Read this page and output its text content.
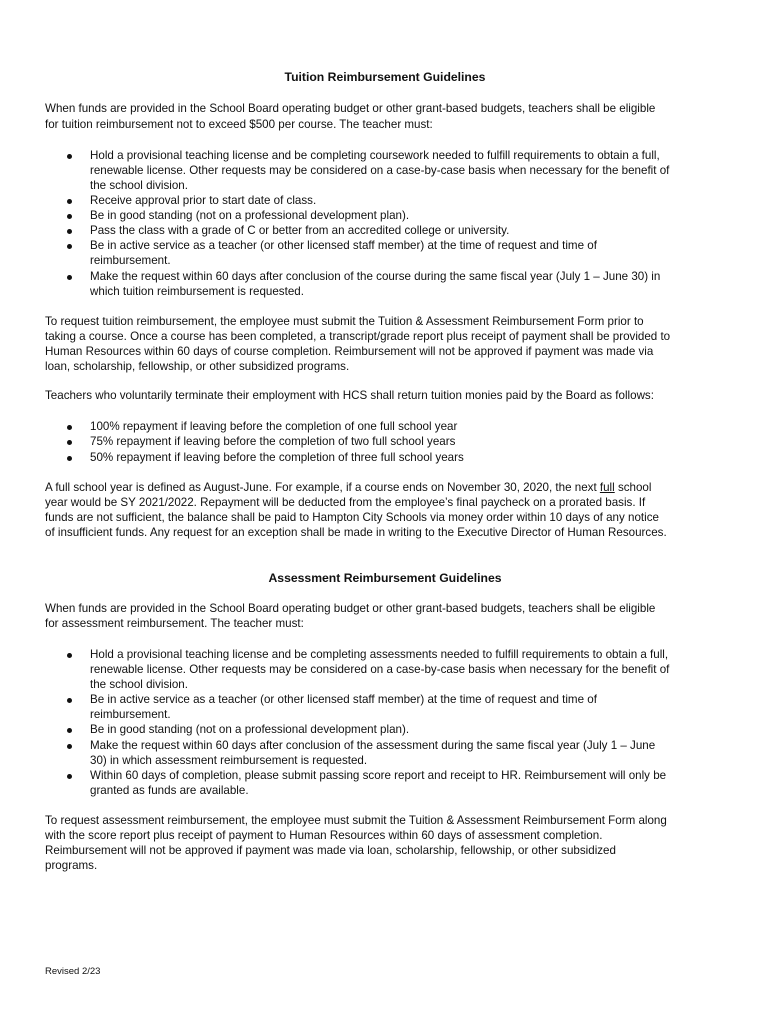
Tuition Reimbursement Guidelines
When funds are provided in the School Board operating budget or other grant-based budgets, teachers shall be eligible
for tuition reimbursement not to exceed $500 per course. The teacher must:
Hold a provisional teaching license and be completing coursework needed to fulfill requirements to obtain a full,
renewable license. Other requests may be considered on a case-by-case basis when necessary for the benefit of
the school division.
Receive approval prior to start date of class.
Be in good standing (not on a professional development plan).
Pass the class with a grade of C or better from an accredited college or university.
Be in active service as a teacher (or other licensed staff member) at the time of request and time of
reimbursement.
Make the request within 60 days after conclusion of the course during the same fiscal year (July 1 – June 30) in
which tuition reimbursement is requested.
To request tuition reimbursement, the employee must submit the Tuition & Assessment Reimbursement Form prior to
taking a course. Once a course has been completed, a transcript/grade report plus receipt of payment shall be provided to
Human Resources within 60 days of course completion. Reimbursement will not be approved if payment was made via
loan, scholarship, fellowship, or other subsidized programs.
Teachers who voluntarily terminate their employment with HCS shall return tuition monies paid by the Board as follows:
100% repayment if leaving before the completion of one full school year
75% repayment if leaving before the completion of two full school years
50% repayment if leaving before the completion of three full school years
A full school year is defined as August-June. For example, if a course ends on November 30, 2020, the next full school
year would be SY 2021/2022. Repayment will be deducted from the employee’s final paycheck on a prorated basis. If
funds are not sufficient, the balance shall be paid to Hampton City Schools via money order within 10 days of any notice
of insufficient funds. Any request for an exception shall be made in writing to the Executive Director of Human Resources.
Assessment Reimbursement Guidelines
When funds are provided in the School Board operating budget or other grant-based budgets, teachers shall be eligible
for assessment reimbursement. The teacher must:
Hold a provisional teaching license and be completing assessments needed to fulfill requirements to obtain a full,
renewable license. Other requests may be considered on a case-by-case basis when necessary for the benefit of
the school division.
Be in active service as a teacher (or other licensed staff member) at the time of request and time of
reimbursement.
Be in good standing (not on a professional development plan).
Make the request within 60 days after conclusion of the assessment during the same fiscal year (July 1 – June
30) in which assessment reimbursement is requested.
Within 60 days of completion, please submit passing score report and receipt to HR. Reimbursement will only be
granted as funds are available.
To request assessment reimbursement, the employee must submit the Tuition & Assessment Reimbursement Form along
with the score report plus receipt of payment to Human Resources within 60 days of assessment completion.
Reimbursement will not be approved if payment was made via loan, scholarship, fellowship, or other subsidized
programs.
Revised 2/23
